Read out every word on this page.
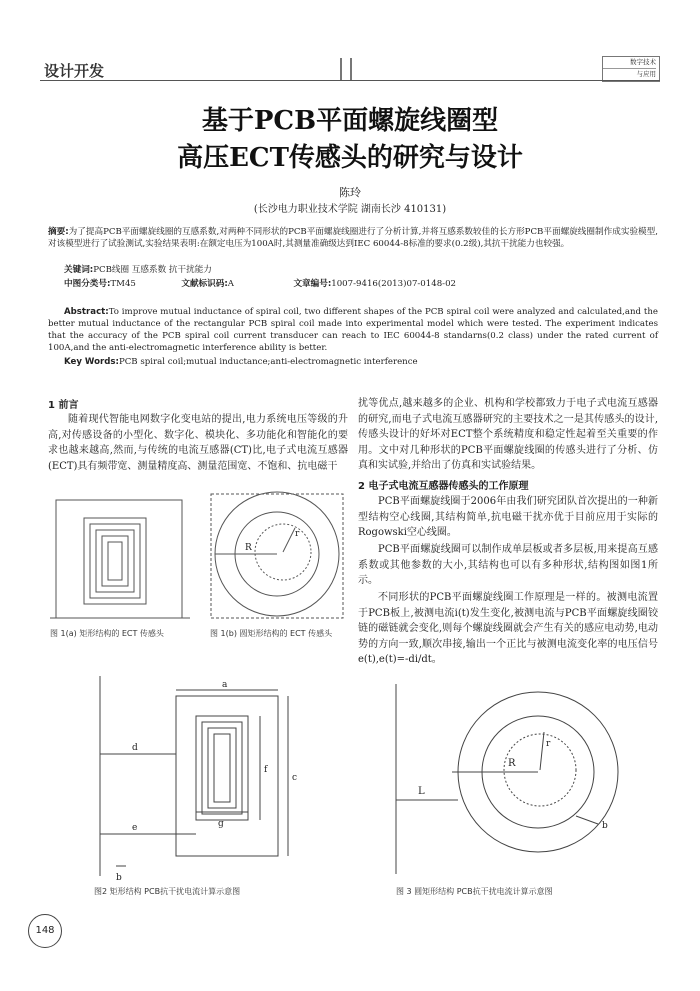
设计开发	数字技术
与应用
基于PCB平面螺旋线圈型
高压ECT传感头的研究与设计
陈玲
(长沙电力职业技术学院 湖南长沙 410131)
摘要:为了提高PCB平面螺旋线圈的互感系数,对两种不同形状的PCB平面螺旋线圈进行了分析计算,并将互感系数较佳的长方形PCB平面螺旋线圈制作成实验模型,对该模型进行了试验测试,实验结果表明:在额定电压为100A时,其测量准确级达到IEC 60044-8标准的要求(0.2级),其抗干扰能力也较强。
关键词:PCB线圈 互感系数 抗干扰能力
中图分类号:TM45	文献标识码:A	文章编号:1007-9416(2013)07-0148-02
Abstract:To improve mutual inductance of spiral coil, two different shapes of the PCB spiral coil were analyzed and calculated,and the better mutual inductance of the rectangular PCB spiral coil made into experimental model which were tested. The experiment indicates that the accuracy of the PCB spiral coil current transducer can reach to IEC 60044-8 standarns(0.2 class) under the rated current of 100A,and the anti-electromagnetic interference ability is better.
Key Words:PCB spiral coil;mutual inductance;anti-electromagnetic interference
1 前言
随着现代智能电网数字化变电站的提出,电力系统电压等级的升高,对传感设备的小型化、数字化、模块化、多功能化和智能化的要求也越来越高,然而,与传统的电流互感器(CT)比,电子式电流互感器(ECT)具有频带宽、测量精度高、测量范围宽、不饱和、抗电磁干
扰等优点,越来越多的企业、机构和学校都致力于电子式电流互感器的研究,而电子式电流互感器研究的主要技术之一是其传感头的设计,传感头设计的好坏对ECT整个系统精度和稳定性起着至关重要的作用。文中对几种形状的PCB平面螺旋线圈的传感头进行了分析、仿真和实试验,并给出了仿真和实试验结果。
2 电子式电流互感器传感头的工作原理
PCB平面螺旋线圈于2006年由我们研究团队首次提出的一种新型结构空心线圈,其结构简单,抗电磁干扰亦优于目前应用于实际的Rogowski空心线圈。
PCB平面螺旋线圈可以制作成单层板或者多层板,用来提高互感系数或其他参数的大小,其结构也可以有多种形状,结构图如图1所示。
不同形状的PCB平面螺旋线圈工作原理是一样的。被测电流置于PCB板上,被测电流i(t)发生变化,被测电流与PCB平面螺旋线圈铰链的磁链就会变化,则每个螺旋线圈就会产生有关的感应电动势,电动势的方向一致,顺次串接,输出一个正比与被测电流变化率的电压信号e(t),e(t)=-di/dt。
图 1(a) 矩形结构的 ECT 传感头
R
r
图 1(b) 圆矩形结构的 ECT 传感头
a
c
d
e
f
g
b
图2 矩形结构 PCB抗干扰电流计算示意图
L
R
r
b
图 3 圆矩形结构 PCB抗干扰电流计算示意图
148
